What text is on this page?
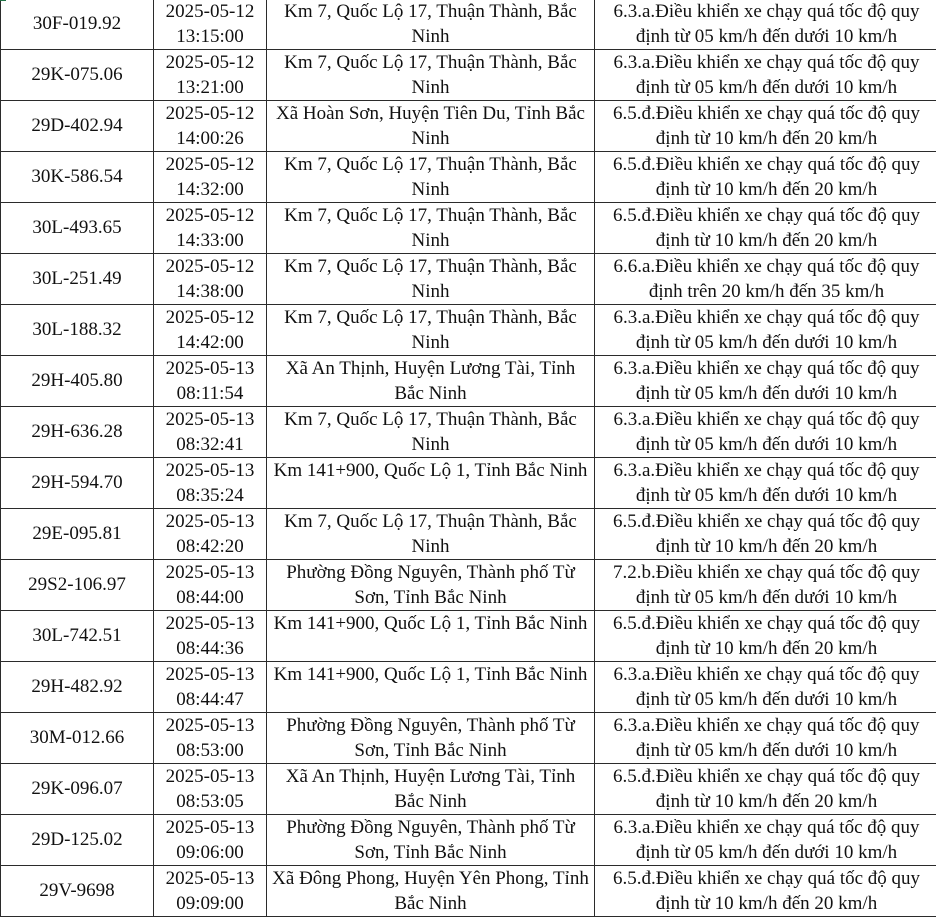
30F-019.92	2025-05-12 13:15:00	Km 7, Quốc Lộ 17, Thuận Thành, Bắc Ninh	6.3.a.Điều khiển xe chạy quá tốc độ quy định từ 05 km/h đến dưới 10 km/h
29K-075.06	2025-05-12 13:21:00	Km 7, Quốc Lộ 17, Thuận Thành, Bắc Ninh	6.3.a.Điều khiển xe chạy quá tốc độ quy định từ 05 km/h đến dưới 10 km/h
29D-402.94	2025-05-12 14:00:26	Xã Hoàn Sơn, Huyện Tiên Du, Tỉnh Bắc Ninh	6.5.đ.Điều khiển xe chạy quá tốc độ quy định từ 10 km/h đến 20 km/h
30K-586.54	2025-05-12 14:32:00	Km 7, Quốc Lộ 17, Thuận Thành, Bắc Ninh	6.5.đ.Điều khiển xe chạy quá tốc độ quy định từ 10 km/h đến 20 km/h
30L-493.65	2025-05-12 14:33:00	Km 7, Quốc Lộ 17, Thuận Thành, Bắc Ninh	6.5.đ.Điều khiển xe chạy quá tốc độ quy định từ 10 km/h đến 20 km/h
30L-251.49	2025-05-12 14:38:00	Km 7, Quốc Lộ 17, Thuận Thành, Bắc Ninh	6.6.a.Điều khiển xe chạy quá tốc độ quy định trên 20 km/h đến 35 km/h
30L-188.32	2025-05-12 14:42:00	Km 7, Quốc Lộ 17, Thuận Thành, Bắc Ninh	6.3.a.Điều khiển xe chạy quá tốc độ quy định từ 05 km/h đến dưới 10 km/h
29H-405.80	2025-05-13 08:11:54	Xã An Thịnh, Huyện Lương Tài, Tỉnh Bắc Ninh	6.3.a.Điều khiển xe chạy quá tốc độ quy định từ 05 km/h đến dưới 10 km/h
29H-636.28	2025-05-13 08:32:41	Km 7, Quốc Lộ 17, Thuận Thành, Bắc Ninh	6.3.a.Điều khiển xe chạy quá tốc độ quy định từ 05 km/h đến dưới 10 km/h
29H-594.70	2025-05-13 08:35:24	Km 141+900, Quốc Lộ 1, Tỉnh Bắc Ninh	6.3.a.Điều khiển xe chạy quá tốc độ quy định từ 05 km/h đến dưới 10 km/h
29E-095.81	2025-05-13 08:42:20	Km 7, Quốc Lộ 17, Thuận Thành, Bắc Ninh	6.5.đ.Điều khiển xe chạy quá tốc độ quy định từ 10 km/h đến 20 km/h
29S2-106.97	2025-05-13 08:44:00	Phường Đồng Nguyên, Thành phố Từ Sơn, Tỉnh Bắc Ninh	7.2.b.Điều khiển xe chạy quá tốc độ quy định từ 05 km/h đến dưới 10 km/h
30L-742.51	2025-05-13 08:44:36	Km 141+900, Quốc Lộ 1, Tỉnh Bắc Ninh	6.5.đ.Điều khiển xe chạy quá tốc độ quy định từ 10 km/h đến 20 km/h
29H-482.92	2025-05-13 08:44:47	Km 141+900, Quốc Lộ 1, Tỉnh Bắc Ninh	6.3.a.Điều khiển xe chạy quá tốc độ quy định từ 05 km/h đến dưới 10 km/h
30M-012.66	2025-05-13 08:53:00	Phường Đồng Nguyên, Thành phố Từ Sơn, Tỉnh Bắc Ninh	6.3.a.Điều khiển xe chạy quá tốc độ quy định từ 05 km/h đến dưới 10 km/h
29K-096.07	2025-05-13 08:53:05	Xã An Thịnh, Huyện Lương Tài, Tỉnh Bắc Ninh	6.5.đ.Điều khiển xe chạy quá tốc độ quy định từ 10 km/h đến 20 km/h
29D-125.02	2025-05-13 09:06:00	Phường Đồng Nguyên, Thành phố Từ Sơn, Tỉnh Bắc Ninh	6.3.a.Điều khiển xe chạy quá tốc độ quy định từ 05 km/h đến dưới 10 km/h
29V-9698	2025-05-13 09:09:00	Xã Đông Phong, Huyện Yên Phong, Tỉnh Bắc Ninh	6.5.đ.Điều khiển xe chạy quá tốc độ quy định từ 10 km/h đến 20 km/h
